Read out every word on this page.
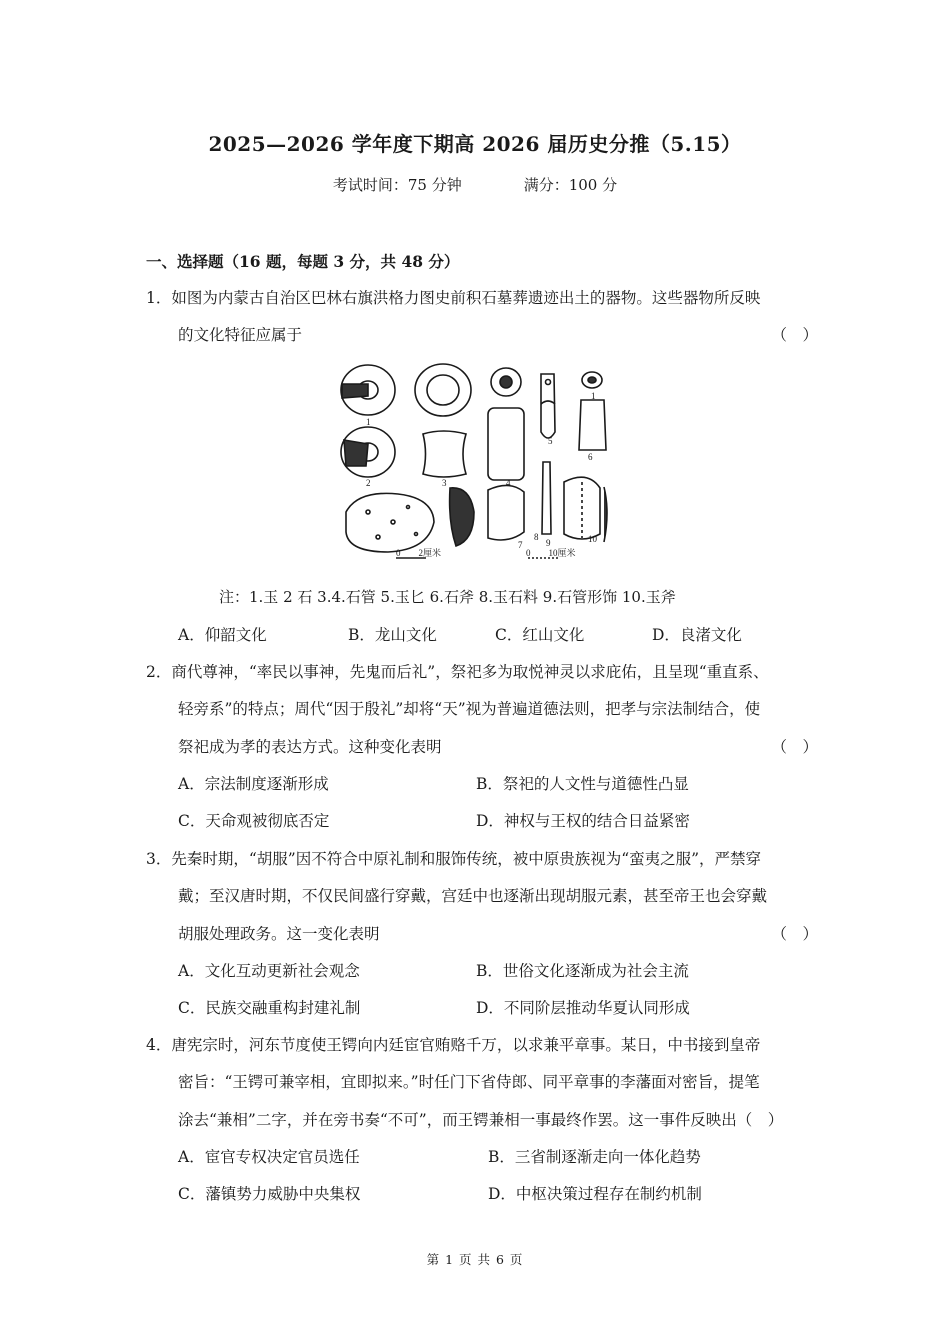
2025—2026 学年度下期高 2026 届历史分推（5.15）
考试时间：75 分钟	满分：100 分
一、选择题（16 题，每题 3 分，共 48 分）
1．如图为内蒙古自治区巴林右旗洪格力图史前积石墓葬遗迹出土的器物。这些器物所反映
的文化特征应属于	（　）
1
1
2	3	4
5
6
7
8
9	10
0　　2厘米	0　　10厘米
注：1.玉 2 石 3.4.石管 5.玉匕 6.石斧 8.玉石料 9.石管形饰 10.玉斧
A．仰韶文化	B．龙山文化	C．红山文化	D．良渚文化
2．商代尊神，“率民以事神，先鬼而后礼”，祭祀多为取悦神灵以求庇佑，且呈现“重直系、
轻旁系”的特点；周代“因于殷礼”却将“天”视为普遍道德法则，把孝与宗法制结合，使
祭祀成为孝的表达方式。这种变化表明	（　）
A．宗法制度逐渐形成	B．祭祀的人文性与道德性凸显
C．天命观被彻底否定	D．神权与王权的结合日益紧密
3．先秦时期，“胡服”因不符合中原礼制和服饰传统，被中原贵族视为“蛮夷之服”，严禁穿
戴；至汉唐时期，不仅民间盛行穿戴，宫廷中也逐渐出现胡服元素，甚至帝王也会穿戴
胡服处理政务。这一变化表明	（　）
A．文化互动更新社会观念	B．世俗文化逐渐成为社会主流
C．民族交融重构封建礼制	D．不同阶层推动华夏认同形成
4．唐宪宗时，河东节度使王锷向内廷宦官贿赂千万，以求兼平章事。某日，中书接到皇帝
密旨：“王锷可兼宰相，宜即拟来。”时任门下省侍郎、同平章事的李藩面对密旨，提笔
涂去“兼相”二字，并在旁书奏“不可”，而王锷兼相一事最终作罢。这一事件反映出（　）
A．宦官专权决定官员选任	B．三省制逐渐走向一体化趋势
C．藩镇势力威胁中央集权	D．中枢决策过程存在制约机制
第 1 页 共 6 页
